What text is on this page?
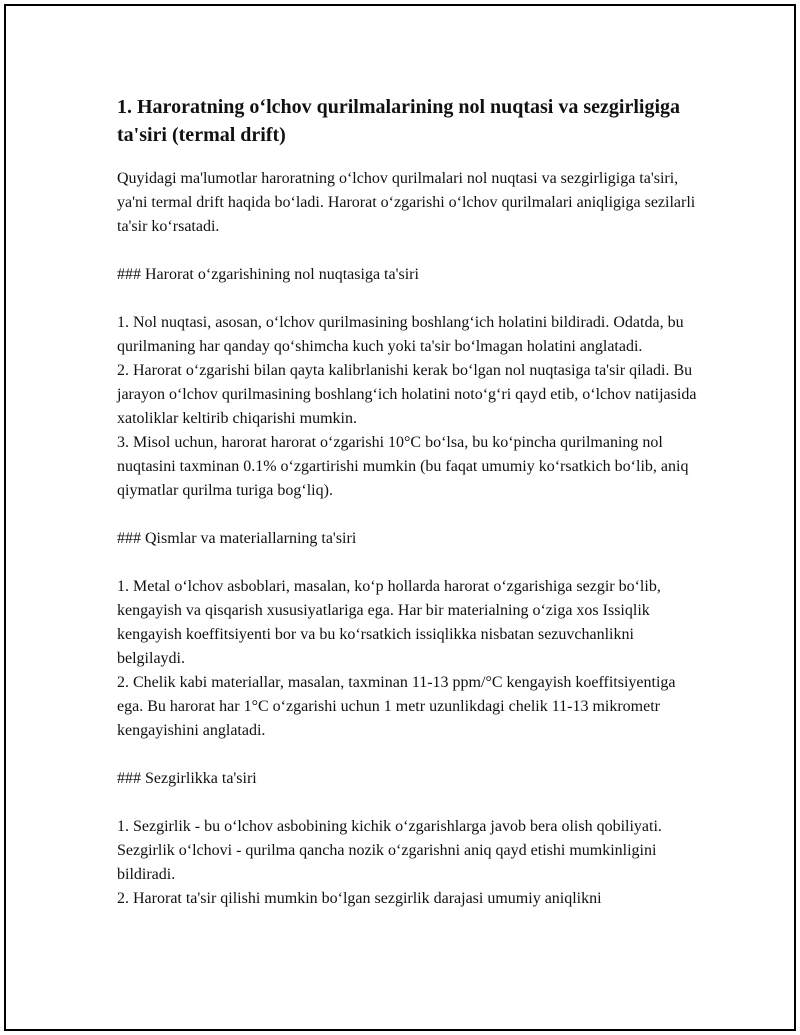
1. Haroratning o‘lchov qurilmalarining nol nuqtasi va sezgirligiga ta'siri (termal drift)

Quyidagi ma'lumotlar haroratning o‘lchov qurilmalari nol nuqtasi va sezgirligiga ta'siri, ya'ni termal drift haqida bo‘ladi. Harorat o‘zgarishi o‘lchov qurilmalari aniqligiga sezilarli ta'sir ko‘rsatadi.

### Harorat o‘zgarishining nol nuqtasiga ta'siri

1. Nol nuqtasi, asosan, o‘lchov qurilmasining boshlang‘ich holatini bildiradi. Odatda, bu qurilmaning har qanday qo‘shimcha kuch yoki ta'sir bo‘lmagan holatini anglatadi.

2. Harorat o‘zgarishi bilan qayta kalibrlanishi kerak bo‘lgan nol nuqtasiga ta'sir qiladi. Bu jarayon o‘lchov qurilmasining boshlang‘ich holatini noto‘g‘ri qayd etib, o‘lchov natijasida xatoliklar keltirib chiqarishi mumkin.

3. Misol uchun, harorat harorat o‘zgarishi 10°C bo‘lsa, bu ko‘pincha qurilmaning nol nuqtasini taxminan 0.1% o‘zgartirishi mumkin (bu faqat umumiy ko‘rsatkich bo‘lib, aniq qiymatlar qurilma turiga bog‘liq).

### Qismlar va materiallarning ta'siri

1. Metal o‘lchov asboblari, masalan, ko‘p hollarda harorat o‘zgarishiga sezgir bo‘lib, kengayish va qisqarish xususiyatlariga ega. Har bir materialning o‘ziga xos Issiqlik kengayish koeffitsiyenti bor va bu ko‘rsatkich issiqlikka nisbatan sezuvchanlikni belgilaydi.

2. Chelik kabi materiallar, masalan, taxminan 11-13 ppm/°C kengayish koeffitsiyentiga ega. Bu harorat har 1°C o‘zgarishi uchun 1 metr uzunlikdagi chelik 11-13 mikrometr kengayishini anglatadi.

### Sezgirlikka ta'siri

1. Sezgirlik - bu o‘lchov asbobining kichik o‘zgarishlarga javob bera olish qobiliyati. Sezgirlik o‘lchovi - qurilma qancha nozik o‘zgarishni aniq qayd etishi mumkinligini bildiradi.

2. Harorat ta'sir qilishi mumkin bo‘lgan sezgirlik darajasi umumiy aniqlikni
